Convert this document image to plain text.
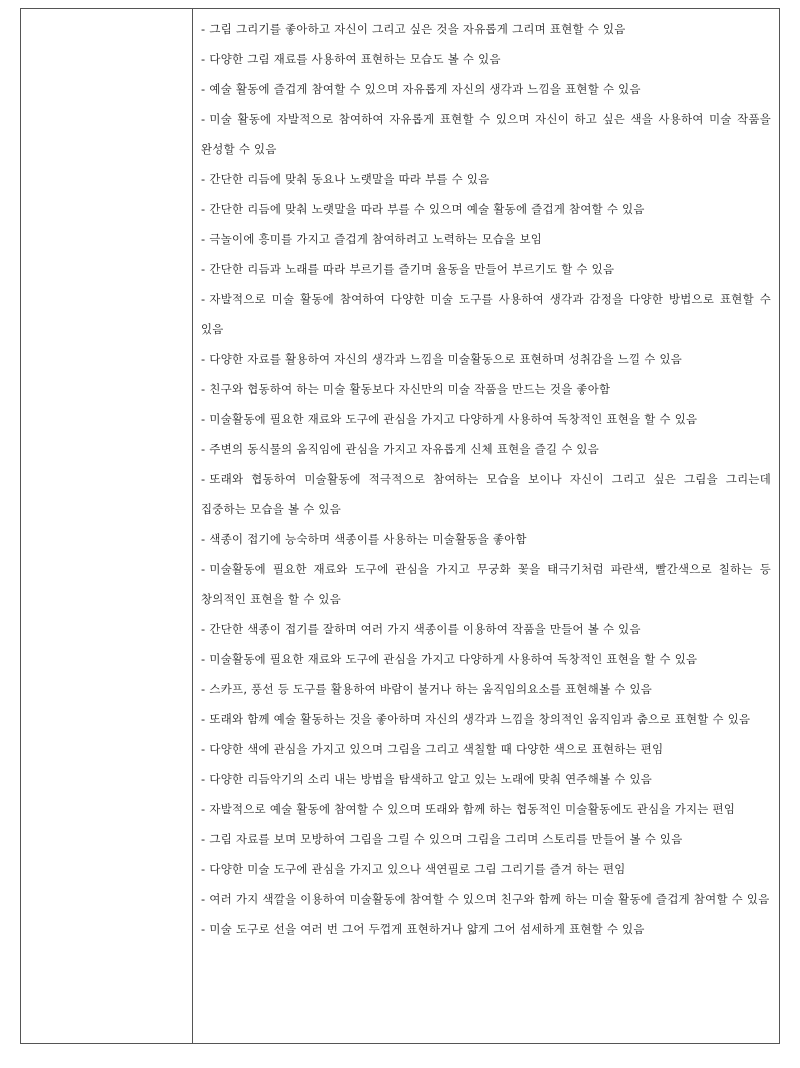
- 그림 그리기를 좋아하고 자신이 그리고 싶은 것을 자유롭게 그리며 표현할 수 있음

- 다양한 그림 재료를 사용하여 표현하는 모습도 볼 수 있음

- 예술 활동에 즐겁게 참여할 수 있으며 자유롭게 자신의 생각과 느낌을 표현할 수 있음

- 미술 활동에 자발적으로 참여하여 자유롭게 표현할 수 있으며 자신이 하고 싶은 색을 사용하여 미술 작품을 완성할 수 있음

- 간단한 리듬에 맞춰 동요나 노랫말을 따라 부를 수 있음

- 간단한 리듬에 맞춰 노랫말을 따라 부를 수 있으며 예술 활동에 즐겁게 참여할 수 있음

- 극놀이에 흥미를 가지고 즐겁게 참여하려고 노력하는 모습을 보임

- 간단한 리듬과 노래를 따라 부르기를 즐기며 율동을 만들어 부르기도 할 수 있음

- 자발적으로 미술 활동에 참여하여 다양한 미술 도구를 사용하여 생각과 감정을 다양한 방법으로 표현할 수 있음

- 다양한 자료를 활용하여 자신의 생각과 느낌을 미술활동으로 표현하며 성취감을 느낄 수 있음

- 친구와 협동하여 하는 미술 활동보다 자신만의 미술 작품을 만드는 것을 좋아함

- 미술활동에 필요한 재료와 도구에 관심을 가지고 다양하게 사용하여 독창적인 표현을 할 수 있음

- 주변의 동식물의 움직임에 관심을 가지고 자유롭게 신체 표현을 즐길 수 있음

- 또래와 협동하여 미술활동에 적극적으로 참여하는 모습을 보이나 자신이 그리고 싶은 그림을 그리는데 집중하는 모습을 볼 수 있음

- 색종이 접기에 능숙하며 색종이를 사용하는 미술활동을 좋아함

- 미술활동에 필요한 재료와 도구에 관심을 가지고 무궁화 꽃을 태극기처럼 파란색, 빨간색으로 칠하는 등 창의적인 표현을 할 수 있음

- 간단한 색종이 접기를 잘하며 여러 가지 색종이를 이용하여 작품을 만들어 볼 수 있음

- 미술활동에 필요한 재료와 도구에 관심을 가지고 다양하게 사용하여 독창적인 표현을 할 수 있음

- 스카프, 풍선 등 도구를 활용하여 바람이 불거나 하는 움직임의요소를 표현해볼 수 있음

- 또래와 함께 예술 활동하는 것을 좋아하며 자신의 생각과 느낌을 창의적인 움직임과 춤으로 표현할 수 있음

- 다양한 색에 관심을 가지고 있으며 그림을 그리고 색칠할 때 다양한 색으로 표현하는 편임

- 다양한 리듬악기의 소리 내는 방법을 탐색하고 알고 있는 노래에 맞춰 연주해볼 수 있음

- 자발적으로 예술 활동에 참여할 수 있으며 또래와 함께 하는 협동적인 미술활동에도 관심을 가지는 편임

- 그림 자료를 보며 모방하여 그림을 그릴 수 있으며 그림을 그리며 스토리를 만들어 볼 수 있음

- 다양한 미술 도구에 관심을 가지고 있으나 색연필로 그림 그리기를 즐겨 하는 편임

- 여러 가지 색깔을 이용하여 미술활동에 참여할 수 있으며 친구와 함께 하는 미술 활동에 즐겁게 참여할 수 있음

- 미술 도구로 선을 여러 번 그어 두껍게 표현하거나 얇게 그어 섬세하게 표현할 수 있음
